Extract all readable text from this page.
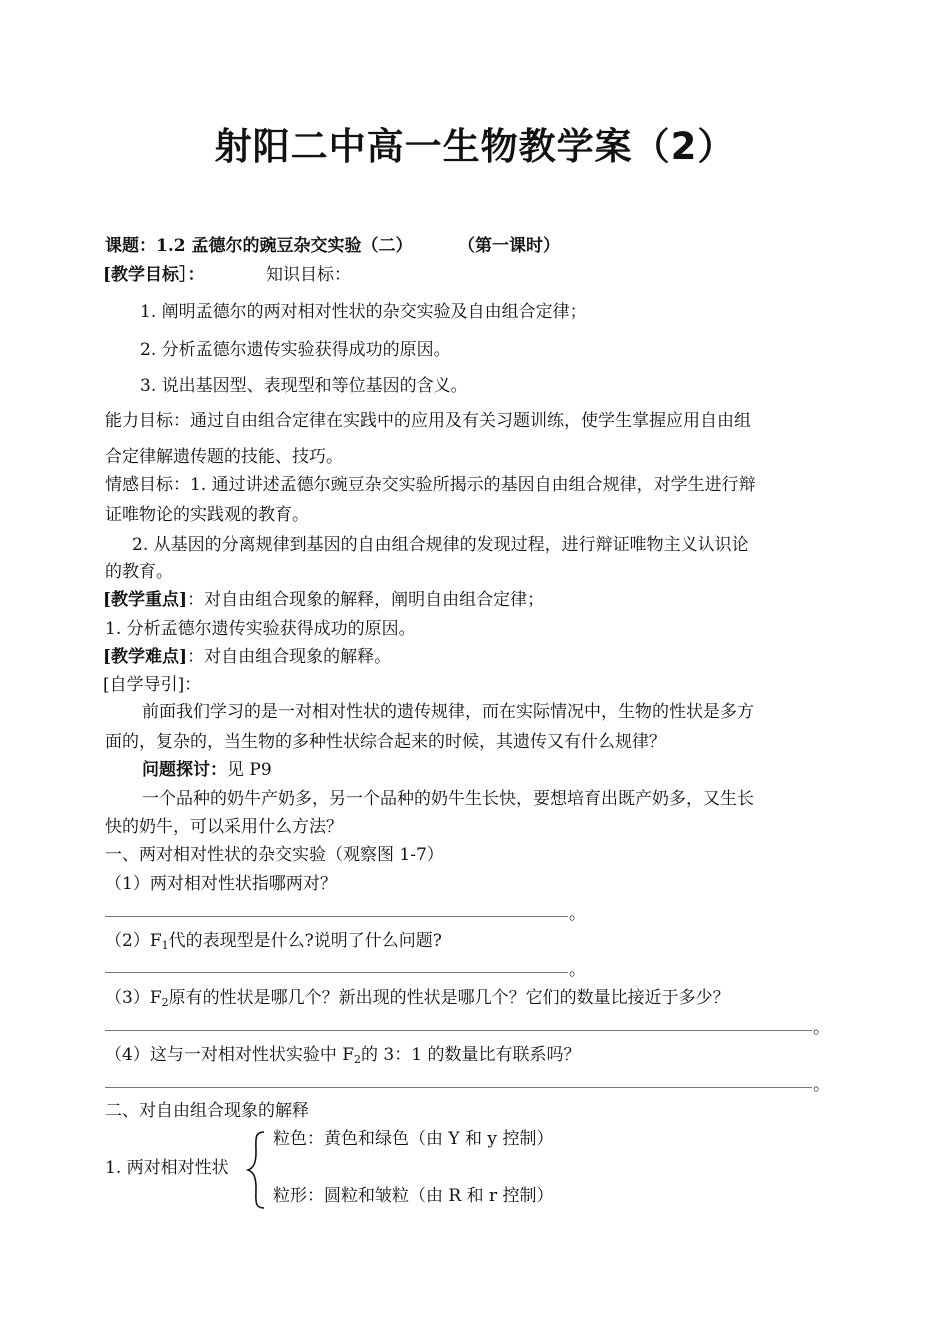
射阳二中高一生物教学案（2）
课题： 1.2 孟德尔的豌豆杂交实验（二）	（第一课时）
[教学目标］：	知识目标：
1. 阐明孟德尔的两对相对性状的杂交实验及自由组合定律；
2. 分析孟德尔遗传实验获得成功的原因。
3. 说出基因型、表现型和等位基因的含义。
能力目标：通过自由组合定律在实践中的应用及有关习题训练，使学生掌握应用自由组
合定律解遗传题的技能、技巧。
情感目标：1. 通过讲述孟德尔豌豆杂交实验所揭示的基因自由组合规律，对学生进行辩
证唯物论的实践观的教育。
2. 从基因的分离规律到基因的自由组合规律的发现过程，进行辩证唯物主义认识论
的教育。
[教学重点]：对自由组合现象的解释，阐明自由组合定律；
1. 分析孟德尔遗传实验获得成功的原因。
[教学难点]：对自由组合现象的解释。
[自学导引]：
前面我们学习的是一对相对性状的遗传规律，而在实际情况中，生物的性状是多方
面的，复杂的，当生物的多种性状综合起来的时候，其遗传又有什么规律？
问题探讨：见 P9
一个品种的奶牛产奶多，另一个品种的奶牛生长快，要想培育出既产奶多，又生长
快的奶牛，可以采用什么方法？
一、两对相对性状的杂交实验（观察图 1-7）
（1）两对相对性状指哪两对？
。
$(2)F_1$代的表现型是什么?说明了什么问题?
。
$(3)F_2$原有的性状是哪几个？新出现的性状是哪几个？它们的数量比接近于多少？
。
（4）这与一对相对性状实验中 $F_2$的 3：1 的数量比有联系吗？
。
二、对自由组合现象的解释
1. 两对相对性状
粒色：黄色和绿色（由 Y 和 y 控制）
粒形：圆粒和皱粒（由 R 和 r 控制）
